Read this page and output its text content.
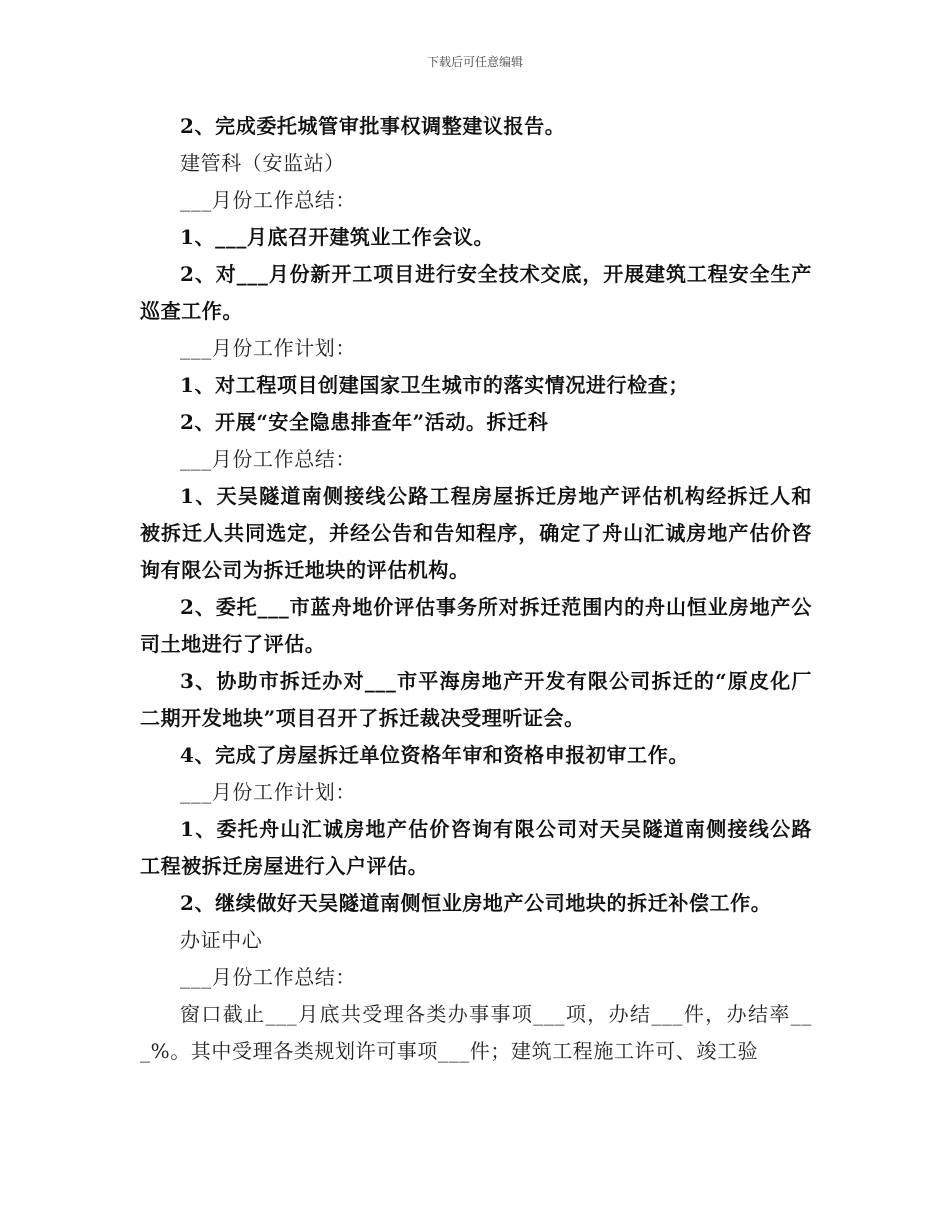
下载后可任意编辑

2、完成委托城管审批事权调整建议报告。

建管科（安监站）

___月份工作总结：

1、___月底召开建筑业工作会议。

2、对___月份新开工项目进行安全技术交底，开展建筑工程安全生产巡查工作。

___月份工作计划：

1、对工程项目创建国家卫生城市的落实情况进行检查；

2、开展“安全隐患排查年”活动。拆迁科

___月份工作总结：

1、天吴隧道南侧接线公路工程房屋拆迁房地产评估机构经拆迁人和被拆迁人共同选定，并经公告和告知程序，确定了舟山汇诚房地产估价咨询有限公司为拆迁地块的评估机构。

2、委托___市蓝舟地价评估事务所对拆迁范围内的舟山恒业房地产公司土地进行了评估。

3、协助市拆迁办对___市平海房地产开发有限公司拆迁的“原皮化厂二期开发地块”项目召开了拆迁裁决受理听证会。

4、完成了房屋拆迁单位资格年审和资格申报初审工作。

___月份工作计划：

1、委托舟山汇诚房地产估价咨询有限公司对天吴隧道南侧接线公路工程被拆迁房屋进行入户评估。

2、继续做好天吴隧道南侧恒业房地产公司地块的拆迁补偿工作。

办证中心

___月份工作总结：

窗口截止___月底共受理各类办事事项___项，办结___件，办结率___%。其中受理各类规划许可事项___件；建筑工程施工许可、竣工验
